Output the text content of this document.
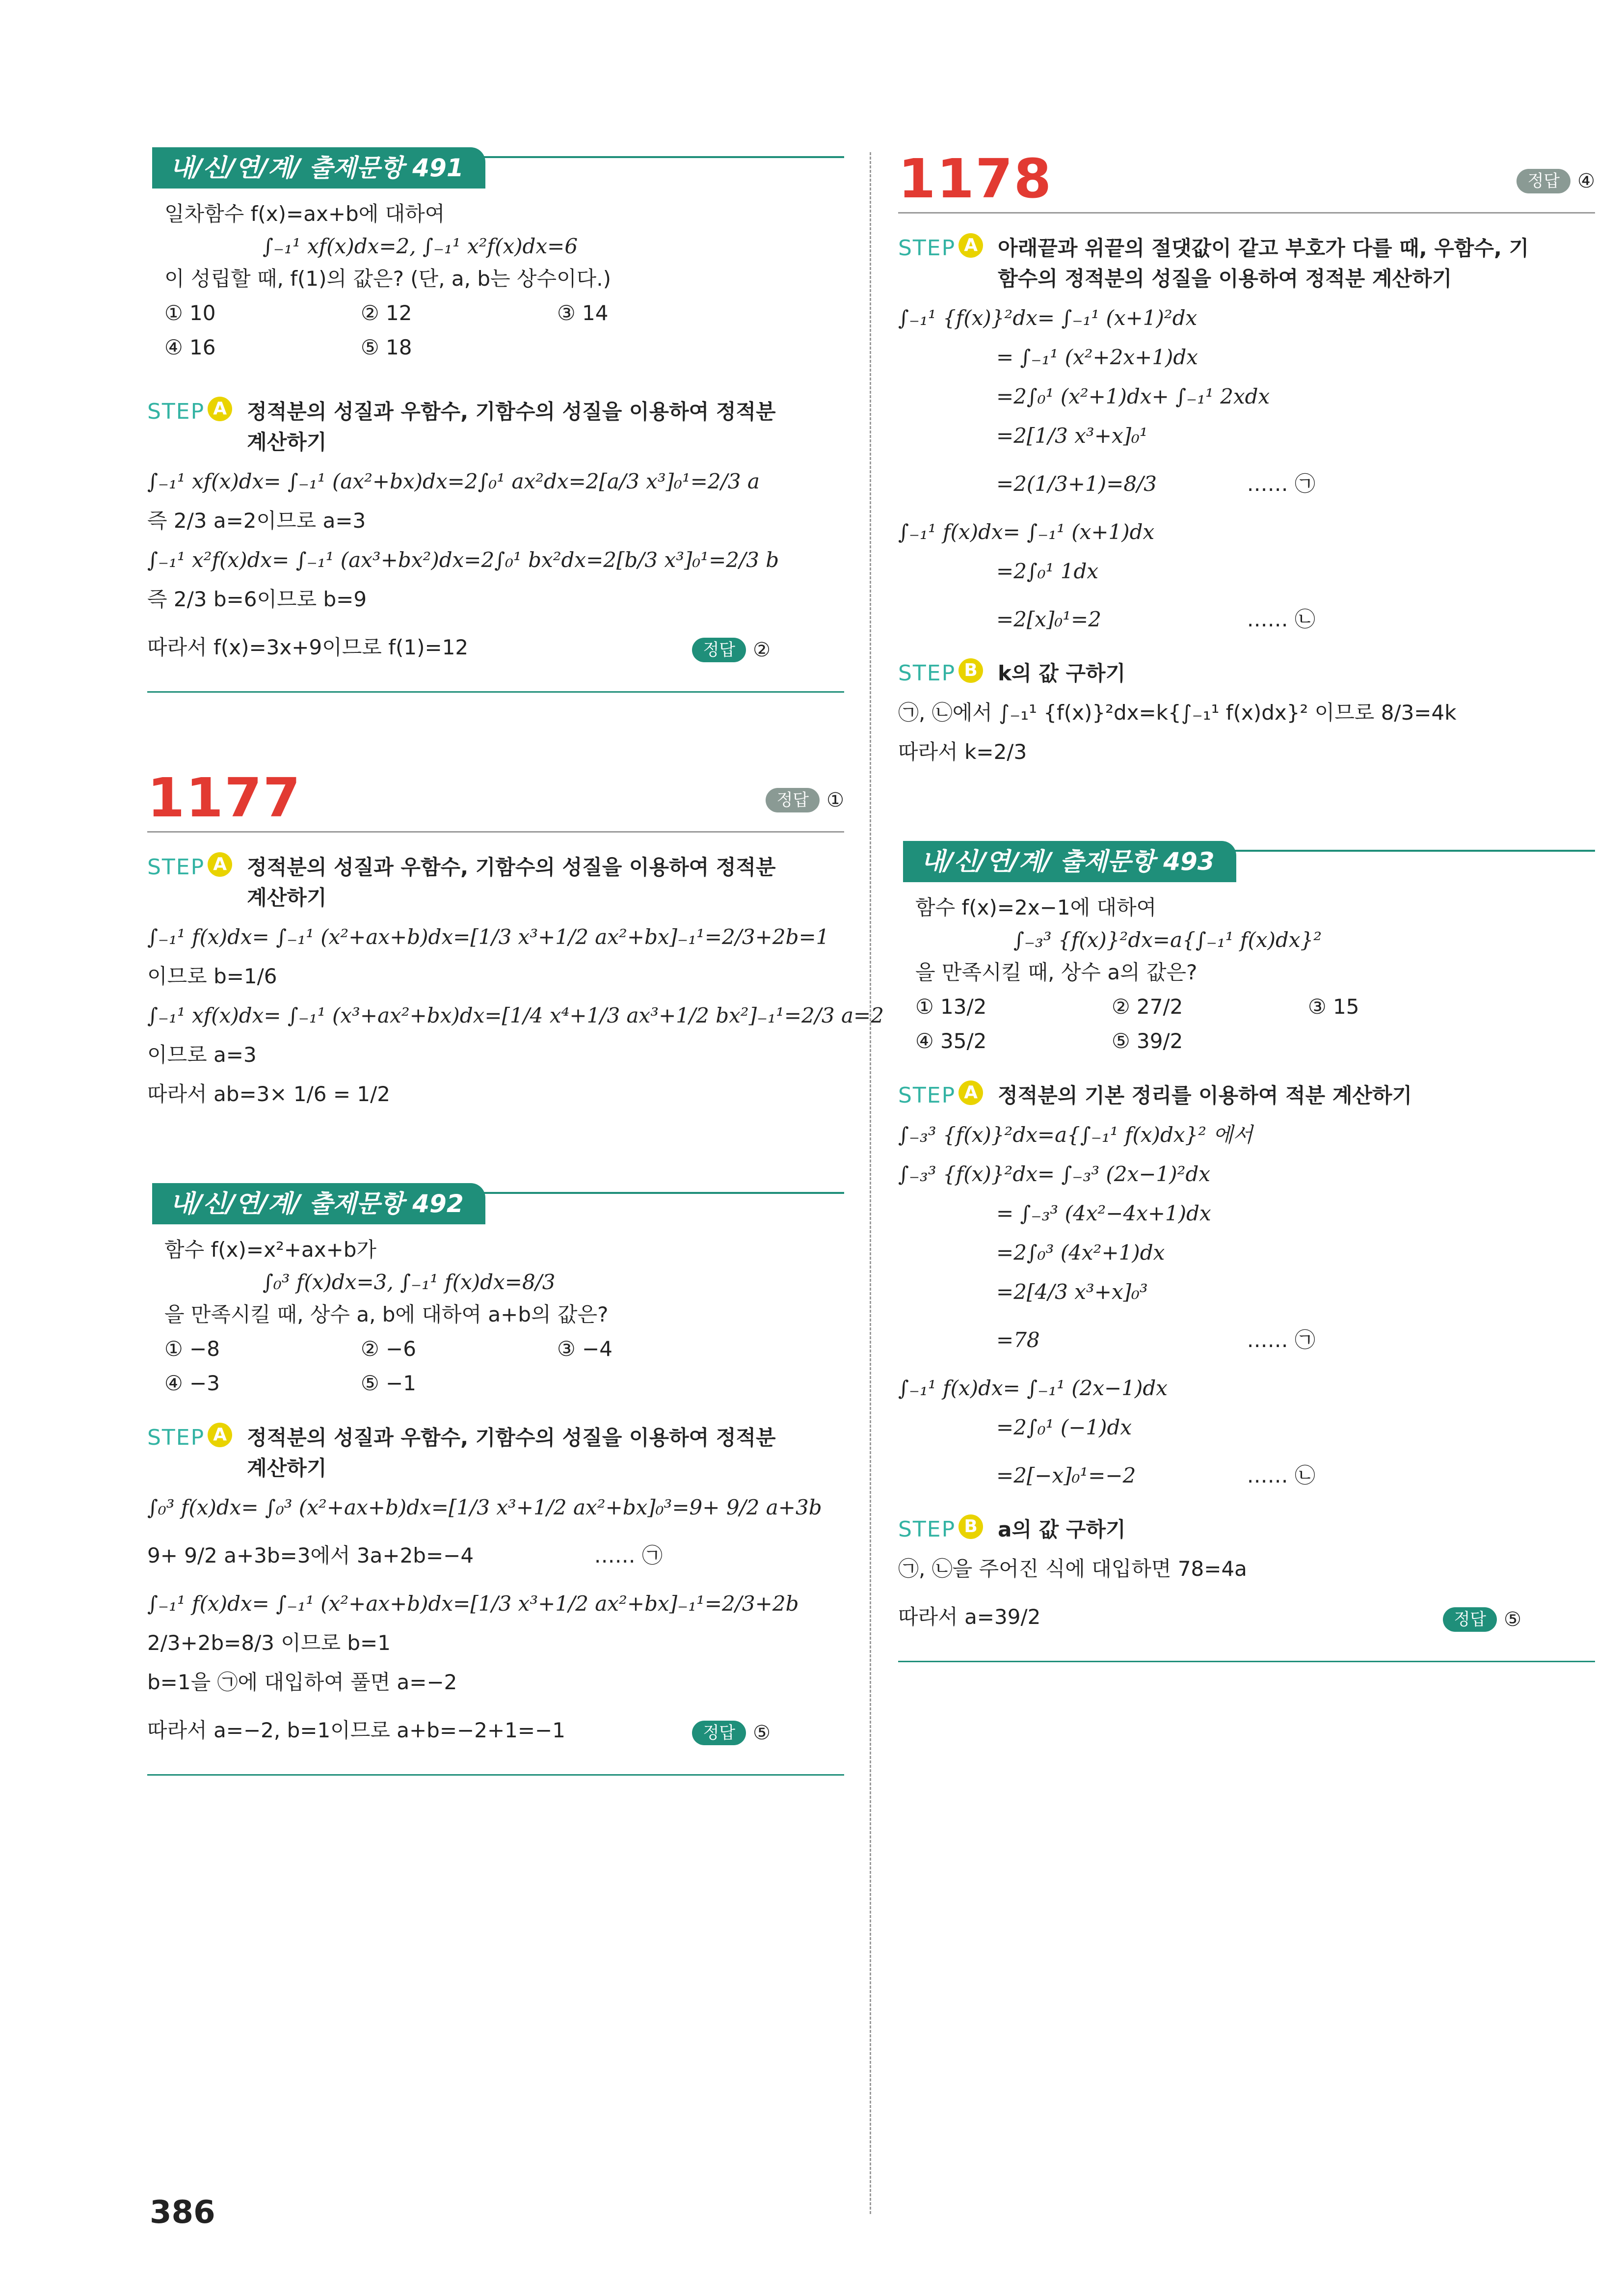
내/신/연/계/ 출제문항 491

일차함수 f(x)=ax+b에 대하여

∫₋₁¹ xf(x)dx=2, ∫₋₁¹ x²f(x)dx=6

이 성립할 때, f(1)의 값은? (단, a, b는 상수이다.)

① 10	② 12	③ 14
④ 16	⑤ 18
STEP A 정적분의 성질과 우함수, 기함수의 성질을 이용하여 정적분 계산하기
∫₋₁¹ xf(x)dx= ∫₋₁¹ (ax²+bx)dx=2∫₀¹ ax²dx=2[a/3 x³]₀¹=2/3 a
즉 2/3 a=2이므로 a=3
∫₋₁¹ x²f(x)dx= ∫₋₁¹ (ax³+bx²)dx=2∫₀¹ bx²dx=2[b/3 x³]₀¹=2/3 b
즉 2/3 b=6이므로 b=9
따라서 f(x)=3x+9이므로 f(1)=12	정답 ②
1177	정답 ①
STEP A 정적분의 성질과 우함수, 기함수의 성질을 이용하여 정적분 계산하기
∫₋₁¹ f(x)dx= ∫₋₁¹ (x²+ax+b)dx=[1/3 x³+1/2 ax²+bx]₋₁¹=2/3+2b=1
이므로 b=1/6
∫₋₁¹ xf(x)dx= ∫₋₁¹ (x³+ax²+bx)dx=[1/4 x⁴+1/3 ax³+1/2 bx²]₋₁¹=2/3 a=2
이므로 a=3
따라서 ab=3× 1/6 = 1/2
내/신/연/계/ 출제문항 492

함수 f(x)=x²+ax+b가

∫₀³ f(x)dx=3, ∫₋₁¹ f(x)dx=8/3

을 만족시킬 때, 상수 a, b에 대하여 a+b의 값은?

① −8	② −6	③ −4
④ −3	⑤ −1
STEP A 정적분의 성질과 우함수, 기함수의 성질을 이용하여 정적분 계산하기
∫₀³ f(x)dx= ∫₀³ (x²+ax+b)dx=[1/3 x³+1/2 ax²+bx]₀³=9+ 9/2 a+3b
9+ 9/2 a+3b=3에서 3a+2b=−4	…… ㉠
∫₋₁¹ f(x)dx= ∫₋₁¹ (x²+ax+b)dx=[1/3 x³+1/2 ax²+bx]₋₁¹=2/3+2b
2/3+2b=8/3 이므로 b=1
b=1을 ㉠에 대입하여 풀면 a=−2
따라서 a=−2, b=1이므로 a+b=−2+1=−1	정답 ⑤
1178	정답 ④
STEP A 아래끝과 위끝의 절댓값이 같고 부호가 다를 때, 우함수, 기함수의 정적분의 성질을 이용하여 정적분 계산하기
∫₋₁¹ {f(x)}²dx= ∫₋₁¹ (x+1)²dx
= ∫₋₁¹ (x²+2x+1)dx
=2∫₀¹ (x²+1)dx+ ∫₋₁¹ 2xdx
=2[1/3 x³+x]₀¹
=2(1/3+1)=8/3	…… ㉠
∫₋₁¹ f(x)dx= ∫₋₁¹ (x+1)dx
=2∫₀¹ 1dx
=2[x]₀¹=2	…… ㉡
STEP B k의 값 구하기
㉠, ㉡에서 ∫₋₁¹ {f(x)}²dx=k{∫₋₁¹ f(x)dx}² 이므로 8/3=4k
따라서 k=2/3
내/신/연/계/ 출제문항 493

함수 f(x)=2x−1에 대하여

∫₋₃³ {f(x)}²dx=a{∫₋₁¹ f(x)dx}²

을 만족시킬 때, 상수 a의 값은?

① 13/2	② 27/2	③ 15
④ 35/2	⑤ 39/2
STEP A 정적분의 기본 정리를 이용하여 적분 계산하기
∫₋₃³ {f(x)}²dx=a{∫₋₁¹ f(x)dx}² 에서
∫₋₃³ {f(x)}²dx= ∫₋₃³ (2x−1)²dx
= ∫₋₃³ (4x²−4x+1)dx
=2∫₀³ (4x²+1)dx
=2[4/3 x³+x]₀³
=78	…… ㉠
∫₋₁¹ f(x)dx= ∫₋₁¹ (2x−1)dx
=2∫₀¹ (−1)dx
=2[−x]₀¹=−2	…… ㉡
STEP B a의 값 구하기
㉠, ㉡을 주어진 식에 대입하면 78=4a
따라서 a=39/2	정답 ⑤
386
